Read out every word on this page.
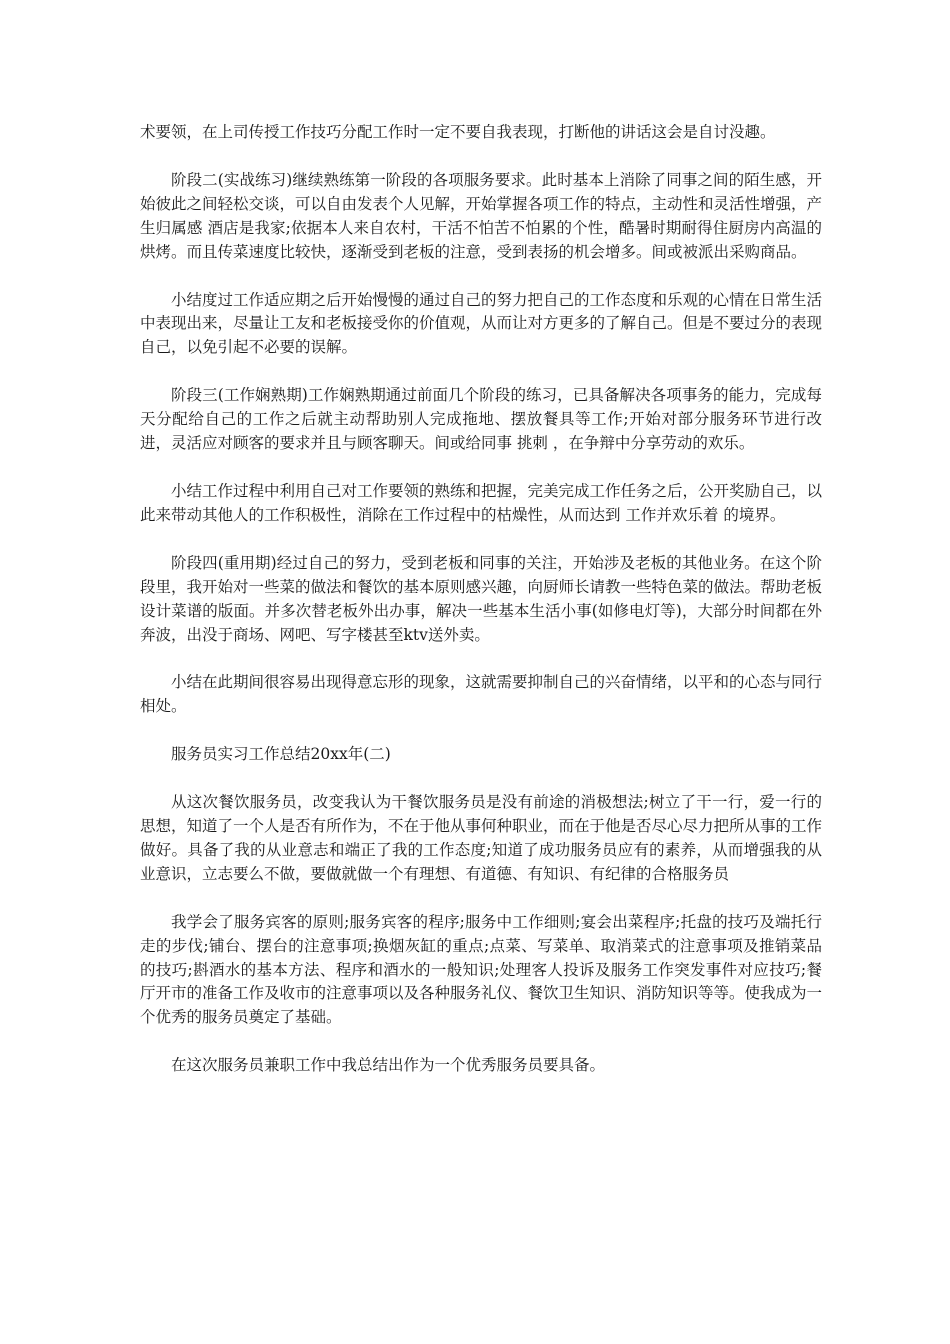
术要领，在上司传授工作技巧分配工作时一定不要自我表现，打断他的讲话这会是自讨没趣。

阶段二(实战练习)继续熟练第一阶段的各项服务要求。此时基本上消除了同事之间的陌生感，开始彼此之间轻松交谈，可以自由发表个人见解，开始掌握各项工作的特点，主动性和灵活性增强，产生归属感 酒店是我家;依据本人来自农村，干活不怕苦不怕累的个性，酷暑时期耐得住厨房内高温的烘烤。而且传菜速度比较快，逐渐受到老板的注意，受到表扬的机会增多。间或被派出采购商品。

小结度过工作适应期之后开始慢慢的通过自己的努力把自己的工作态度和乐观的心情在日常生活中表现出来，尽量让工友和老板接受你的价值观，从而让对方更多的了解自己。但是不要过分的表现自己，以免引起不必要的误解。

阶段三(工作娴熟期)工作娴熟期通过前面几个阶段的练习，已具备解决各项事务的能力，完成每天分配给自己的工作之后就主动帮助别人完成拖地、摆放餐具等工作;开始对部分服务环节进行改进，灵活应对顾客的要求并且与顾客聊天。间或给同事 挑刺 ，在争辩中分享劳动的欢乐。

小结工作过程中利用自己对工作要领的熟练和把握，完美完成工作任务之后，公开奖励自己，以此来带动其他人的工作积极性，消除在工作过程中的枯燥性，从而达到 工作并欢乐着 的境界。

阶段四(重用期)经过自己的努力，受到老板和同事的关注，开始涉及老板的其他业务。在这个阶段里，我开始对一些菜的做法和餐饮的基本原则感兴趣，向厨师长请教一些特色菜的做法。帮助老板设计菜谱的版面。并多次替老板外出办事，解决一些基本生活小事(如修电灯等)，大部分时间都在外奔波，出没于商场、网吧、写字楼甚至ktv送外卖。

小结在此期间很容易出现得意忘形的现象，这就需要抑制自己的兴奋情绪，以平和的心态与同行相处。

服务员实习工作总结20xx年(二)

从这次餐饮服务员，改变我认为干餐饮服务员是没有前途的消极想法;树立了干一行，爱一行的思想，知道了一个人是否有所作为，不在于他从事何种职业，而在于他是否尽心尽力把所从事的工作做好。具备了我的从业意志和端正了我的工作态度;知道了成功服务员应有的素养，从而增强我的从业意识，立志要么不做，要做就做一个有理想、有道德、有知识、有纪律的合格服务员

我学会了服务宾客的原则;服务宾客的程序;服务中工作细则;宴会出菜程序;托盘的技巧及端托行走的步伐;铺台、摆台的注意事项;换烟灰缸的重点;点菜、写菜单、取消菜式的注意事项及推销菜品的技巧;斟酒水的基本方法、程序和酒水的一般知识;处理客人投诉及服务工作突发事件对应技巧;餐厅开市的准备工作及收市的注意事项以及各种服务礼仪、餐饮卫生知识、消防知识等等。使我成为一个优秀的服务员奠定了基础。

在这次服务员兼职工作中我总结出作为一个优秀服务员要具备。
